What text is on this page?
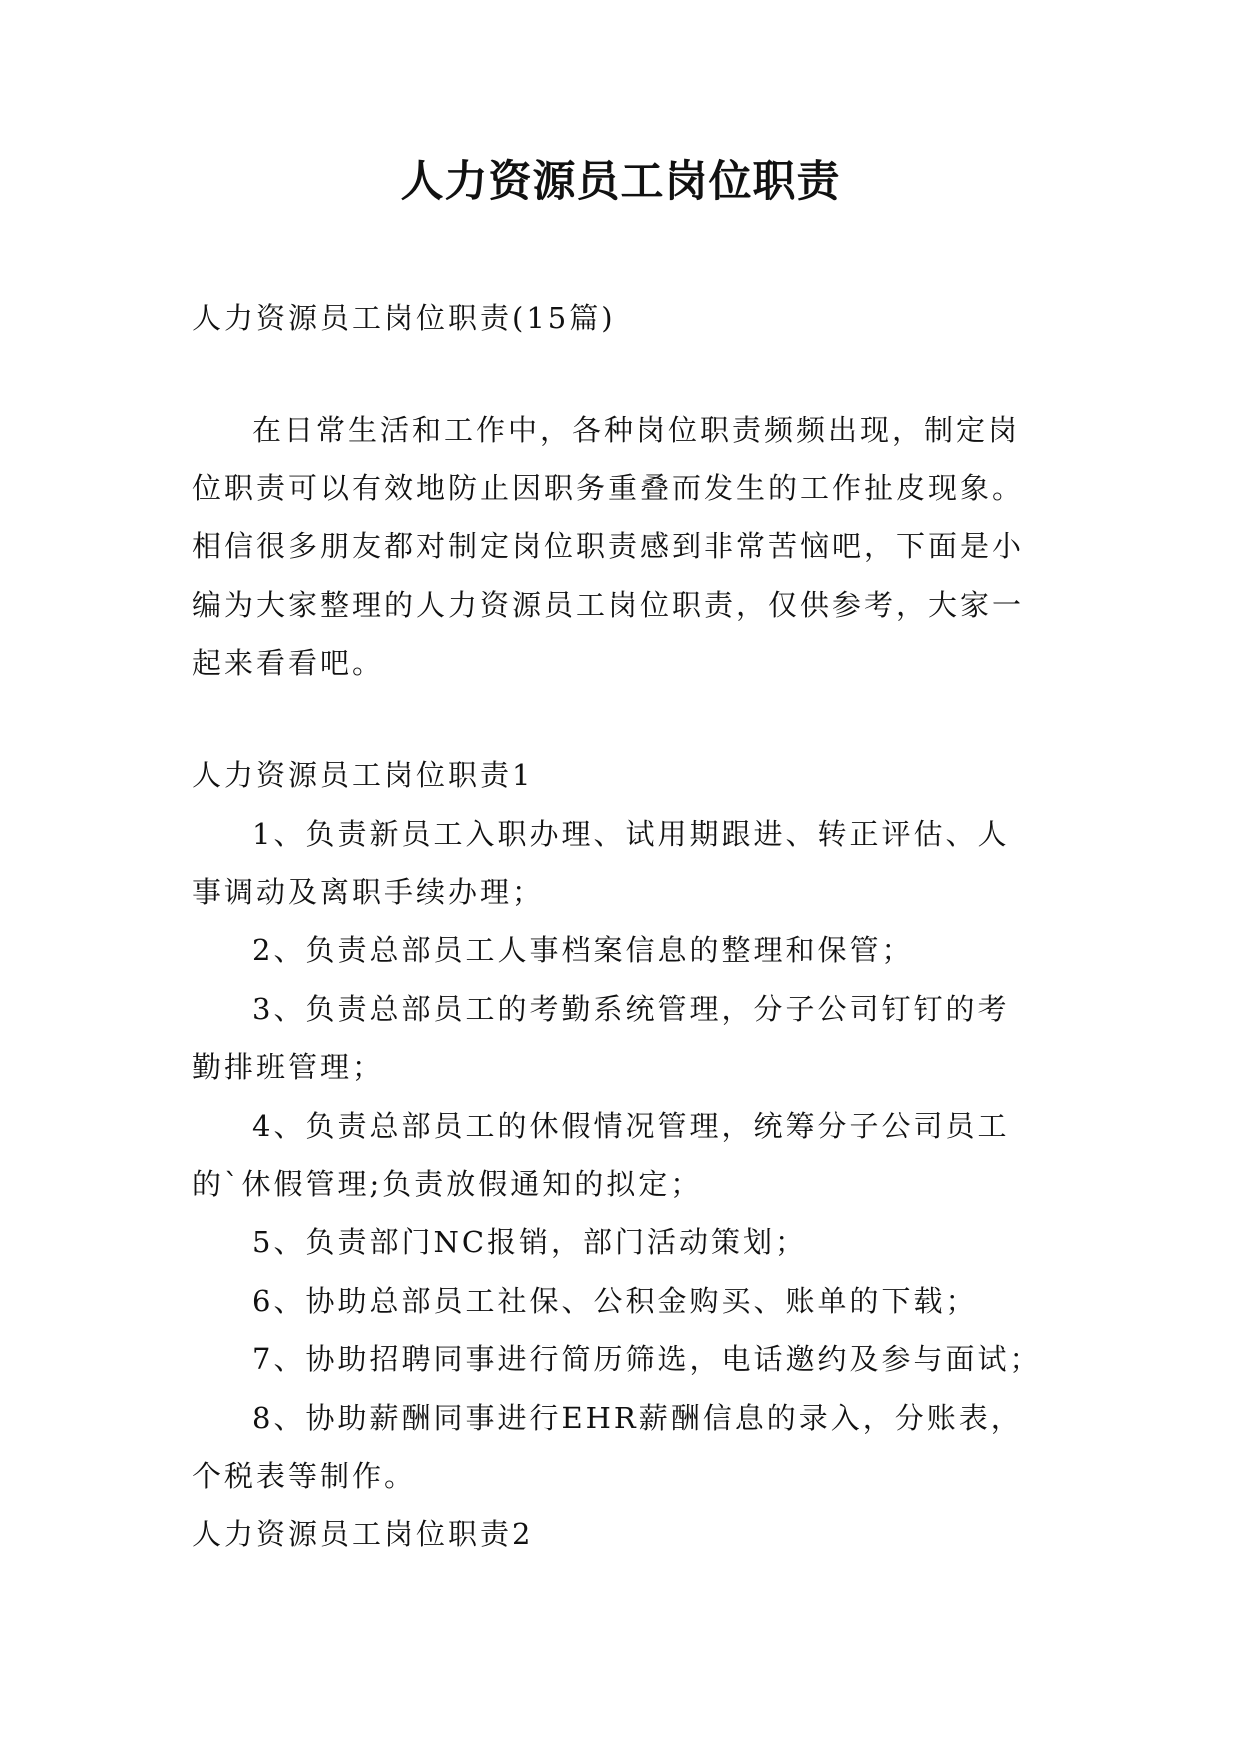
人力资源员工岗位职责

人力资源员工岗位职责(15篇)

在日常生活和工作中，各种岗位职责频频出现，制定岗

位职责可以有效地防止因职务重叠而发生的工作扯皮现象。

相信很多朋友都对制定岗位职责感到非常苦恼吧，下面是小

编为大家整理的人力资源员工岗位职责，仅供参考，大家一

起来看看吧。

人力资源员工岗位职责1

1、负责新员工入职办理、试用期跟进、转正评估、人

事调动及离职手续办理；

2、负责总部员工人事档案信息的整理和保管；

3、负责总部员工的考勤系统管理，分子公司钉钉的考

勤排班管理；

4、负责总部员工的休假情况管理，统筹分子公司员工

的`休假管理;负责放假通知的拟定；

5、负责部门NC报销，部门活动策划；

6、协助总部员工社保、公积金购买、账单的下载；

7、协助招聘同事进行简历筛选，电话邀约及参与面试；

8、协助薪酬同事进行EHR薪酬信息的录入，分账表，

个税表等制作。

人力资源员工岗位职责2
